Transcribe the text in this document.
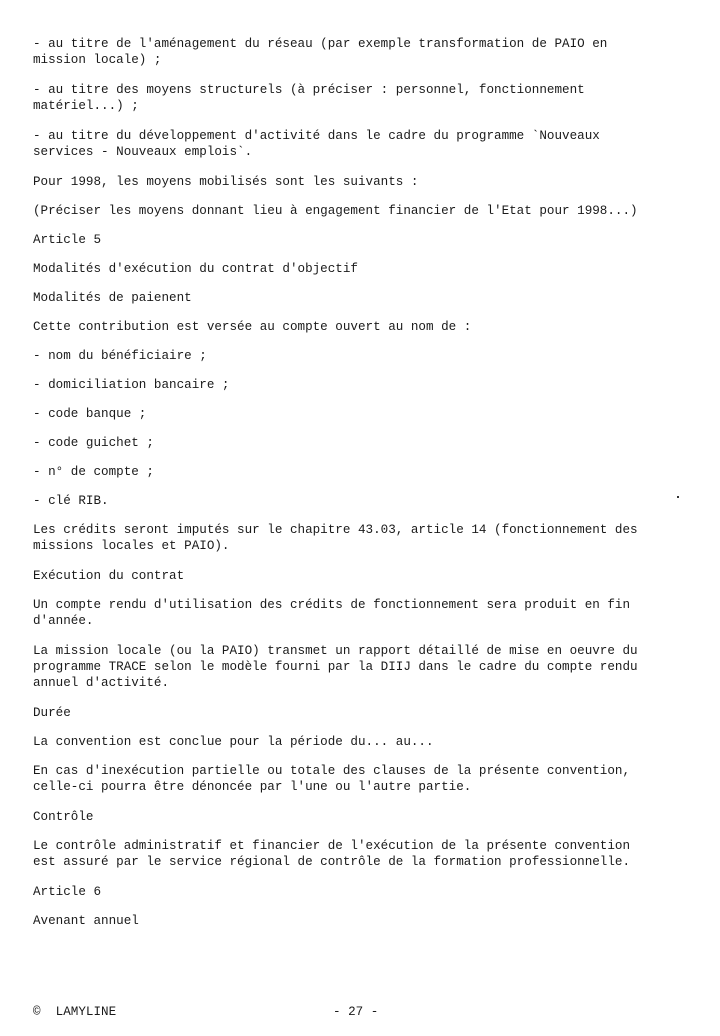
- au titre de l'aménagement du réseau (par exemple transformation de PAIO en
mission locale) ;

- au titre des moyens structurels (à préciser : personnel, fonctionnement
matériel...) ;

- au titre du développement d'activité dans le cadre du programme `Nouveaux
services - Nouveaux emplois`.

Pour 1998, les moyens mobilisés sont les suivants :

(Préciser les moyens donnant lieu à engagement financier de l'Etat pour 1998...)

Article 5

Modalités d'exécution du contrat d'objectif

Modalités de paienent

Cette contribution est versée au compte ouvert au nom de :

- nom du bénéficiaire ;

- domiciliation bancaire ;

- code banque ;

- code guichet ;

- n° de compte ;

- clé RIB.

Les crédits seront imputés sur le chapitre 43.03, article 14 (fonctionnement des
missions locales et PAIO).

Exécution du contrat

Un compte rendu d'utilisation des crédits de fonctionnement sera produit en fin
d'année.

La mission locale (ou la PAIO) transmet un rapport détaillé de mise en oeuvre du
programme TRACE selon le modèle fourni par la DIIJ dans le cadre du compte rendu
annuel d'activité.

Durée

La convention est conclue pour la période du... au...

En cas d'inexécution partielle ou totale des clauses de la présente convention,
celle-ci pourra être dénoncée par l'une ou l'autre partie.

Contrôle

Le contrôle administratif et financier de l'exécution de la présente convention
est assuré par le service régional de contrôle de la formation professionnelle.

Article 6

Avenant annuel

©  LAMYLINE	- 27 -
